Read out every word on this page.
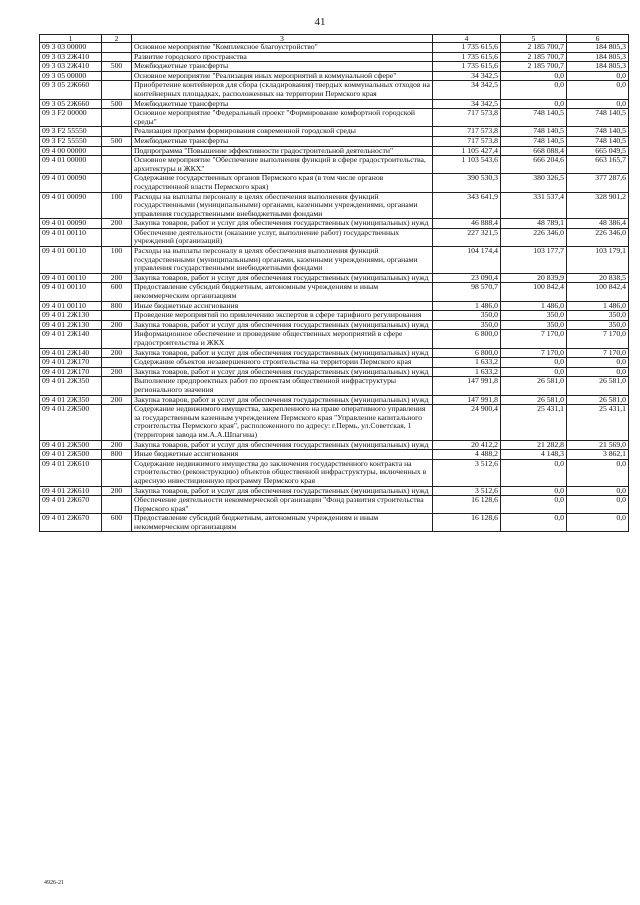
41
1	2	3	4	5	6
09 3 03 00000		Основное мероприятие "Комплексное благоустройство"	1 735 615,6	2 185 700,7	184 805,3
09 3 03 2Ж410		Развитие городского пространства	1 735 615,6	2 185 700,7	184 805,3
09 3 03 2Ж410	500	Межбюджетные трансферты	1 735 615,6	2 185 700,7	184 805,3
09 3 05 00000		Основное мероприятие "Реализация иных мероприятий в коммунальной сфере"	34 342,5	0,0	0,0
09 3 05 2Ж660		Приобретение контейнеров для сбора (складирования) твердых коммунальных отходов на контейнерных площадках, расположенных на территории Пермского края	34 342,5	0,0	0,0
09 3 05 2Ж660	500	Межбюджетные трансферты	34 342,5	0,0	0,0
09 3 F2 00000		Основное мероприятие "Федеральный проект "Формирование комфортной городской среды"	717 573,8	748 140,5	748 140,5
09 3 F2 55550		Реализация программ формирования современной городской среды	717 573,8	748 140,5	748 140,5
09 3 F2 55550	500	Межбюджетные трансферты	717 573,8	748 140,5	748 140,5
09 4 00 00000		Подпрограмма "Повышение эффективности градостроительной деятельности"	1 105 427,4	668 088,4	665 049,5
09 4 01 00000		Основное мероприятие "Обеспечение выполнения функций в сфере градостроительства, архитектуры и ЖКХ"	1 103 543,6	666 204,6	663 165,7
09 4 01 00090		Содержание государственных органов Пермского края (в том числе органов государственной власти Пермского края)	390 530,3	380 326,5	377 287,6
09 4 01 00090	100	Расходы на выплаты персоналу в целях обеспечения выполнения функций государственными (муниципальными) органами, казенными учреждениями, органами управления государственными внебюджетными фондами	343 641,9	331 537,4	328 901,2
09 4 01 00090	200	Закупка товаров, работ и услуг для обеспечения государственных (муниципальных) нужд	46 888,4	48 789,1	48 386,4
09 4 01 00110		Обеспечение деятельности (оказание услуг, выполнение работ) государственных учреждений (организаций)	227 321,5	226 346,0	226 346,0
09 4 01 00110	100	Расходы на выплаты персоналу в целях обеспечения выполнения функций государственными (муниципальными) органами, казенными учреждениями, органами управления государственными внебюджетными фондами	104 174,4	103 177,7	103 179,1
09 4 01 00110	200	Закупка товаров, работ и услуг для обеспечения государственных (муниципальных) нужд	23 090,4	20 839,9	20 838,5
09 4 01 00110	600	Предоставление субсидий бюджетным, автономным учреждениям и иным некоммерческим организациям	98 570,7	100 842,4	100 842,4
09 4 01 00110	800	Иные бюджетные ассигнования	1 486,0	1 486,0	1 486,0
09 4 01 2Ж130		Проведение мероприятий по привлечению экспертов в сфере тарифного регулирования	350,0	350,0	350,0
09 4 01 2Ж130	200	Закупка товаров, работ и услуг для обеспечения государственных (муниципальных) нужд	350,0	350,0	350,0
09 4 01 2Ж140		Информационное обеспечение и проведение общественных мероприятий в сфере градостроительства и ЖКХ	6 800,0	7 170,0	7 170,0
09 4 01 2Ж140	200	Закупка товаров, работ и услуг для обеспечения государственных (муниципальных) нужд	6 800,0	7 170,0	7 170,0
09 4 01 2Ж170		Содержание объектов незавершенного строительства на территории Пермского края	1 633,2	0,0	0,0
09 4 01 2Ж170	200	Закупка товаров, работ и услуг для обеспечения государственных (муниципальных) нужд	1 633,2	0,0	0,0
09 4 01 2Ж350		Выполнение предпроектных работ по проектам общественной инфраструктуры регионального значения	147 991,8	26 581,0	26 581,0
09 4 01 2Ж350	200	Закупка товаров, работ и услуг для обеспечения государственных (муниципальных) нужд	147 991,8	26 581,0	26 581,0
09 4 01 2Ж500		Содержание недвижимого имущества, закрепленного на праве оперативного управления за государственным казенным учреждением Пермского края "Управление капитального строительства Пермского края", расположенного по адресу: г.Пермь, ул.Советская, 1 (территория завода им.А.А.Шпагина)	24 900,4	25 431,1	25 431,1
09 4 01 2Ж500	200	Закупка товаров, работ и услуг для обеспечения государственных (муниципальных) нужд	20 412,2	21 282,8	21 569,0
09 4 01 2Ж500	800	Иные бюджетные ассигнования	4 488,2	4 148,3	3 862,1
09 4 01 2Ж610		Содержание недвижимого имущества до заключения государственного контракта на строительство (реконструкцию) объектов общественной инфраструктуры, включенных в адресную инвестиционную программу Пермского края	3 512,6	0,0	0,0
09 4 01 2Ж610	200	Закупка товаров, работ и услуг для обеспечения государственных (муниципальных) нужд	3 512,6	0,0	0,0
09 4 01 2Ж670		Обеспечение деятельности некоммерческой организации "Фонд развития строительства Пермского края"	16 128,6	0,0	0,0
09 4 01 2Ж670	600	Предоставление субсидий бюджетным, автономным учреждениям и иным некоммерческим организациям	16 128,6	0,0	0,0
4926-21
